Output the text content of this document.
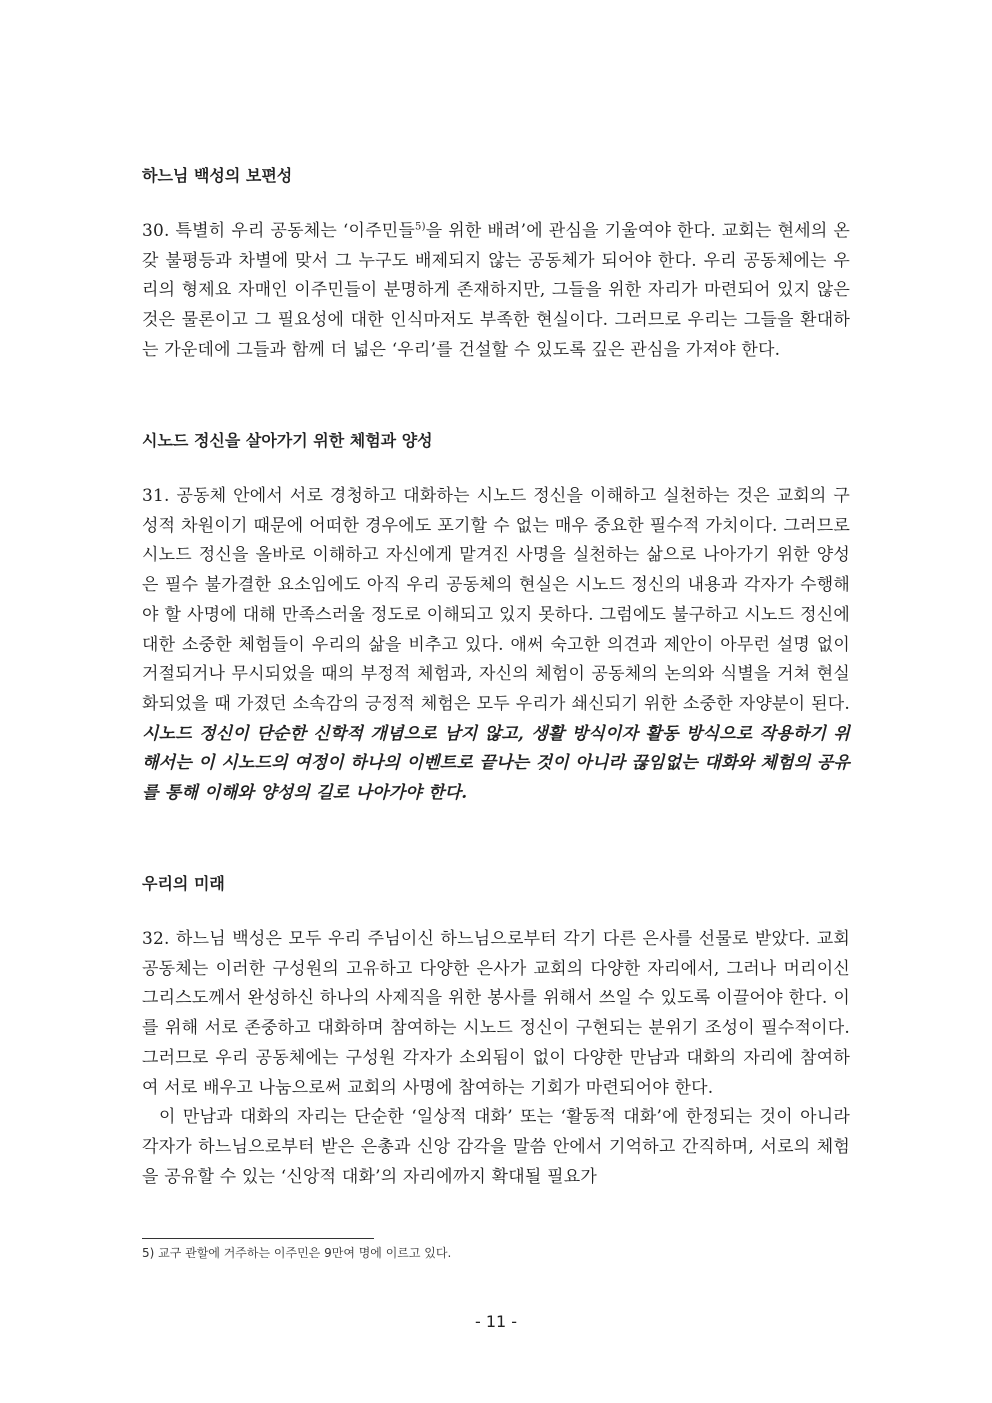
하느님 백성의 보편성

30. 특별히 우리 공동체는 ‘이주민들$^{5)}$을 위한 배려’에 관심을 기울여야 한다. 교회는 현세의 온갖 불평등과 차별에 맞서 그 누구도 배제되지 않는 공동체가 되어야 한다. 우리 공동체에는 우리의 형제요 자매인 이주민들이 분명하게 존재하지만, 그들을 위한 자리가 마련되어 있지 않은 것은 물론이고 그 필요성에 대한 인식마저도 부족한 현실이다. 그러므로 우리는 그들을 환대하는 가운데에 그들과 함께 더 넓은 ‘우리’를 건설할 수 있도록 깊은 관심을 가져야 한다.

시노드 정신을 살아가기 위한 체험과 양성

31. 공동체 안에서 서로 경청하고 대화하는 시노드 정신을 이해하고 실천하는 것은 교회의 구성적 차원이기 때문에 어떠한 경우에도 포기할 수 없는 매우 중요한 필수적 가치이다. 그러므로 시노드 정신을 올바로 이해하고 자신에게 맡겨진 사명을 실천하는 삶으로 나아가기 위한 양성은 필수 불가결한 요소임에도 아직 우리 공동체의 현실은 시노드 정신의 내용과 각자가 수행해야 할 사명에 대해 만족스러울 정도로 이해되고 있지 못하다. 그럼에도 불구하고 시노드 정신에 대한 소중한 체험들이 우리의 삶을 비추고 있다. 애써 숙고한 의견과 제안이 아무런 설명 없이 거절되거나 무시되었을 때의 부정적 체험과, 자신의 체험이 공동체의 논의와 식별을 거쳐 현실화되었을 때 가졌던 소속감의 긍정적 체험은 모두 우리가 쇄신되기 위한 소중한 자양분이 된다. 시노드 정신이 단순한 신학적 개념으로 남지 않고, 생활 방식이자 활동 방식으로 작용하기 위해서는 이 시노드의 여정이 하나의 이벤트로 끝나는 것이 아니라 끊임없는 대화와 체험의 공유를 통해 이해와 양성의 길로 나아가야 한다.

우리의 미래

32. 하느님 백성은 모두 우리 주님이신 하느님으로부터 각기 다른 은사를 선물로 받았다. 교회 공동체는 이러한 구성원의 고유하고 다양한 은사가 교회의 다양한 자리에서, 그러나 머리이신 그리스도께서 완성하신 하나의 사제직을 위한 봉사를 위해서 쓰일 수 있도록 이끌어야 한다. 이를 위해 서로 존중하고 대화하며 참여하는 시노드 정신이 구현되는 분위기 조성이 필수적이다. 그러므로 우리 공동체에는 구성원 각자가 소외됨이 없이 다양한 만남과 대화의 자리에 참여하여 서로 배우고 나눔으로써 교회의 사명에 참여하는 기회가 마련되어야 한다.

이 만남과 대화의 자리는 단순한 ‘일상적 대화’ 또는 ‘활동적 대화’에 한정되는 것이 아니라 각자가 하느님으로부터 받은 은총과 신앙 감각을 말씀 안에서 기억하고 간직하며, 서로의 체험을 공유할 수 있는 ‘신앙적 대화’의 자리에까지 확대될 필요가

5) 교구 관할에 거주하는 이주민은 9만여 명에 이르고 있다.
- 11 -
